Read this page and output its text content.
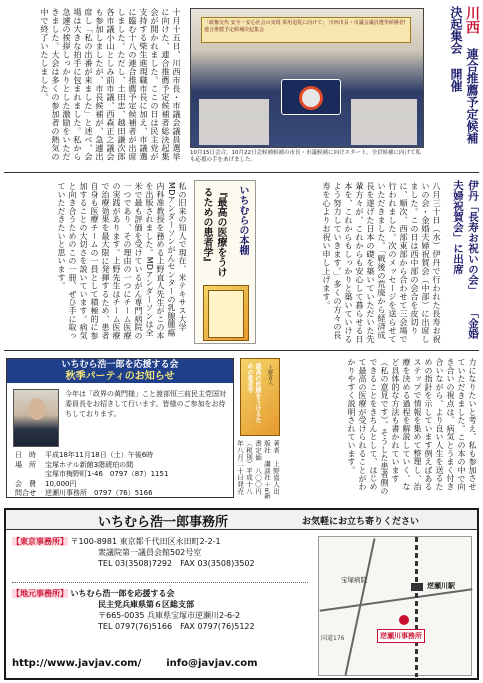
十月十五日、川西市長・市議会議員選挙に向けた、連合推薦予定候補者総決起集会が開かれました。ここの日は民主党が支持する柴生進現職市長に加え、市議選に臨む十八の連合推薦予定候補者が出席しました。ただし、土田忠、越田謙次郎各市議小山としみ前市議、西森正之議会も参加しましたが、市長候補が、急遽出席し「私の出番が来ました」と述べ、会場は大きな拍手に包まれました。私から急遽の挨拶しっかりとした激励をいただきました。大会は多くの参加者の熱気の中で終了いたしました。	「政権交代 安全・安心社会の実現 軍用追従に向けて」 川西市長・市議会議員選挙候補者! 連合推薦予定候補決起集会
10月15日会合。10月22日会候補候補の市長・市議候補に向けスタート。全員候補に向けて私も応援の手をあげました。
川西 連合推薦予定候補 決起集会 開催
私の旧来の知人で現在、米テキサス大学MDアンダーソンがんセンターの乳腺腫瘍内科准教授を務める上野直人先生がこの本を出版されました。MDアンダーソンは全米で最も評価を受けているがん専門病院の一つであり、その理由の一つにチーム医療の実践があります。上野先生はチーム医療で治療効果を最大限に発揮するため、患者自身も医療チームの一員として積極的に参加することの大切さを説いています。病気と向き合うためのこの一冊、ぜひ手に取っていただきたいと思います。
いちむらの本棚
『最高の医療をうけるための患者学』	八月三十日（水）伊丹で行われた長寿お祝いの会・金婚夫婦祝賀会（中部）に出席しました。この日は西中部の会合を皮切りに、順次、西部東部から合わせて三会場で行われました。次のメッセージを送らせていただきました。「戦後の荒廃から経済成長を遂げた日本の礎を築いていただいた先輩方々が、これからも安心して暮らせる日本を、これからもしっかりと築いていけるよう努力していきます。」多くの方々の長寿を心よりお祝い申し上げます。	伊丹「長寿お祝いの会」 「金婚夫婦祝賀会」に出席
いちむら浩一郎を応援する会
秋季パーティのお知らせ
今年は「政界の黄門様」こと渡部恒三前民主党国対委員長をお招きして行います。皆様のご参加をお待ちしております。
日　時 平成18年11月18日（土）午後6時
場　所 宝塚ホテル新館3階琥珀の間
宝塚市梅野町1-46　0797（87）1151
会　費 10,000円
問合せ 逆瀬川事務所　0797（76）5166
最高の医療をうけるための患者学	上野直人
著者　上野直人出版社　講談社＋α新書定価　八〇〇円（税別）平成十八年八月二十日発売	力になりたいと考え、私も参加させていただきました。この本の中で向き合いの視点は、病気とうまく付き合いながら、より良い人生を送るための指針を示しています例えばあるステップで情報を集めて整理し、治療を決める過程を解説していく、など具体的な方法も書かれています（私の意見です）。そうした患者側のできることをきちんとして、はじめて最高の医療が受けられることがわかりやすく説明されています。
いちむら浩一郎事務所	お気軽にお立ち寄りください
【東京事務所】 〒100-8981 東京都千代田区永田町2-2-1
衆議院第一議員会館502号室
TEL 03(3508)7292　FAX 03(3508)3502
【地元事務所】 いちむら浩一郎を応援する会
民主党兵庫県第６区総支部
〒665-0035 兵庫県宝塚市逆瀬川2-6-2
TEL 0797(76)5166　FAX 0797(76)5122
http://www.javjav.com/ info@javjav.com
逆瀬川駅
宝塚病院
国道176	逆瀬川事務所
